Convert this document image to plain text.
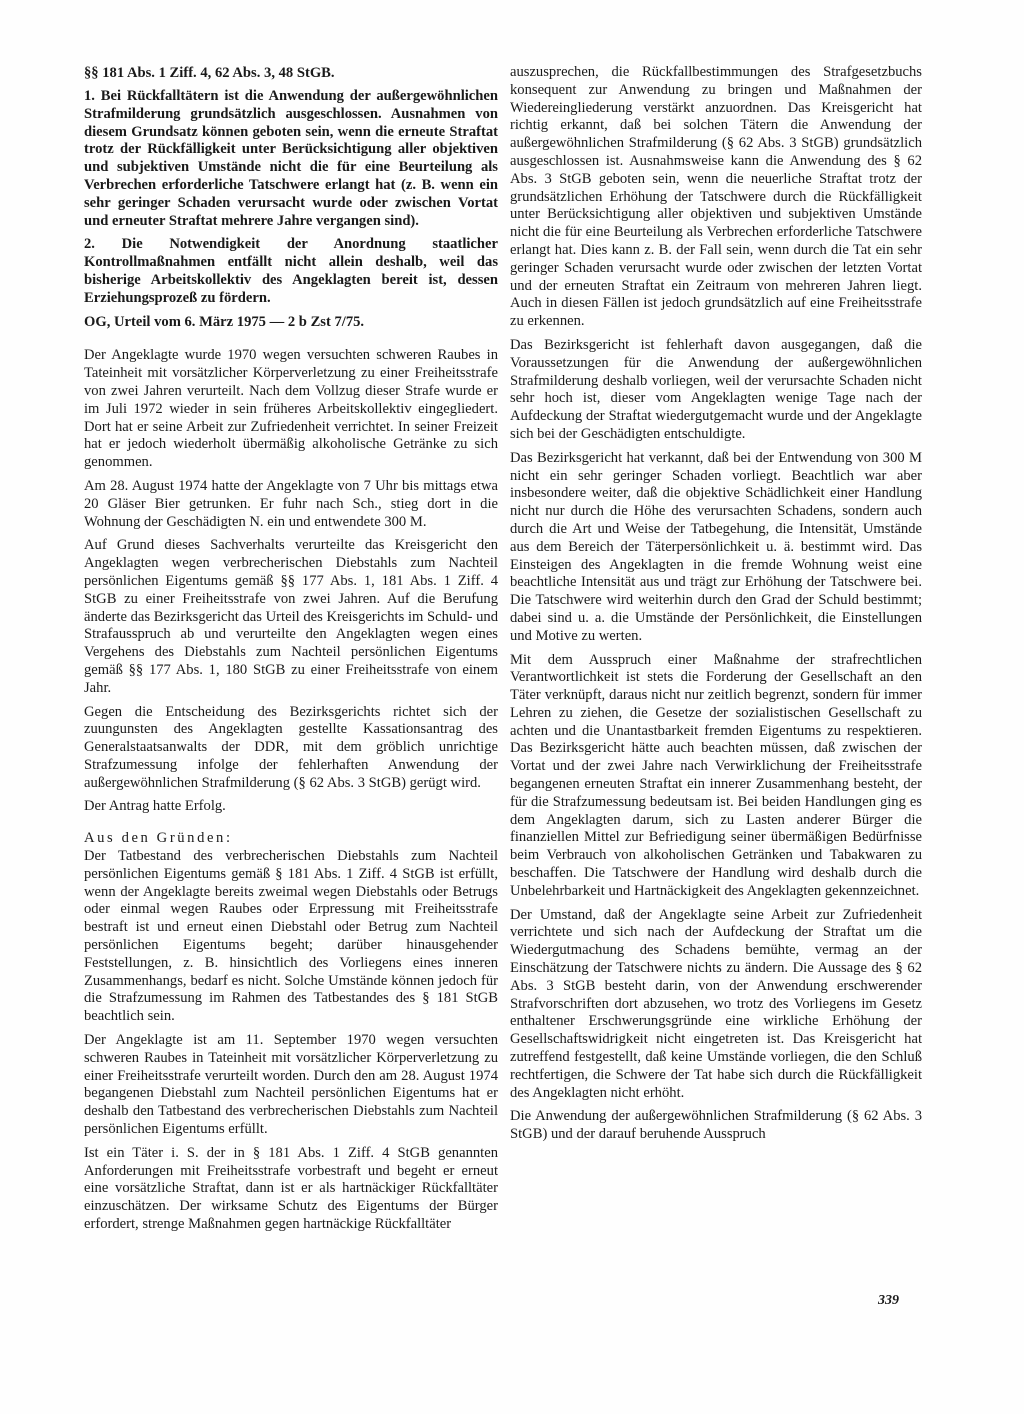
§§ 181 Abs. 1 Ziff. 4, 62 Abs. 3, 48 StGB.

1. Bei Rückfalltätern ist die Anwendung der außergewöhnlichen Strafmilderung grundsätzlich ausgeschlossen. Ausnahmen von diesem Grundsatz können geboten sein, wenn die erneute Straftat trotz der Rückfälligkeit unter Berücksichtigung aller objektiven und subjektiven Umstände nicht die für eine Beurteilung als Verbrechen erforderliche Tatschwere erlangt hat (z. B. wenn ein sehr geringer Schaden verursacht wurde oder zwischen Vortat und erneuter Straftat mehrere Jahre vergangen sind).

2. Die Notwendigkeit der Anordnung staatlicher Kontrollmaßnahmen entfällt nicht allein deshalb, weil das bisherige Arbeitskollektiv des Angeklagten bereit ist, dessen Erziehungsprozeß zu fördern.

OG, Urteil vom 6. März 1975 — 2 b Zst 7/75.

Der Angeklagte wurde 1970 wegen versuchten schweren Raubes in Tateinheit mit vorsätzlicher Körperverletzung zu einer Freiheitsstrafe von zwei Jahren verurteilt. Nach dem Vollzug dieser Strafe wurde er im Juli 1972 wieder in sein früheres Arbeitskollektiv eingegliedert. Dort hat er seine Arbeit zur Zufriedenheit verrichtet. In seiner Freizeit hat er jedoch wiederholt übermäßig alkoholische Getränke zu sich genommen.

Am 28. August 1974 hatte der Angeklagte von 7 Uhr bis mittags etwa 20 Gläser Bier getrunken. Er fuhr nach Sch., stieg dort in die Wohnung der Geschädigten N. ein und entwendete 300 M.

Auf Grund dieses Sachverhalts verurteilte das Kreisgericht den Angeklagten wegen verbrecherischen Diebstahls zum Nachteil persönlichen Eigentums gemäß §§ 177 Abs. 1, 181 Abs. 1 Ziff. 4 StGB zu einer Freiheitsstrafe von zwei Jahren. Auf die Berufung änderte das Bezirksgericht das Urteil des Kreisgerichts im Schuld- und Strafausspruch ab und verurteilte den Angeklagten wegen eines Vergehens des Diebstahls zum Nachteil persönlichen Eigentums gemäß §§ 177 Abs. 1, 180 StGB zu einer Freiheitsstrafe von einem Jahr.

Gegen die Entscheidung des Bezirksgerichts richtet sich der zuungunsten des Angeklagten gestellte Kassationsantrag des Generalstaatsanwalts der DDR, mit dem gröblich unrichtige Strafzumessung infolge der fehlerhaften Anwendung der außergewöhnlichen Strafmilderung (§ 62 Abs. 3 StGB) gerügt wird.

Der Antrag hatte Erfolg.

Aus den Gründen:

Der Tatbestand des verbrecherischen Diebstahls zum Nachteil persönlichen Eigentums gemäß § 181 Abs. 1 Ziff. 4 StGB ist erfüllt, wenn der Angeklagte bereits zweimal wegen Diebstahls oder Betrugs oder einmal wegen Raubes oder Erpressung mit Freiheitsstrafe bestraft ist und erneut einen Diebstahl oder Betrug zum Nachteil persönlichen Eigentums begeht; darüber hinausgehender Feststellungen, z. B. hinsichtlich des Vorliegens eines inneren Zusammenhangs, bedarf es nicht. Solche Umstände können jedoch für die Strafzumessung im Rahmen des Tatbestandes des § 181 StGB beachtlich sein.

Der Angeklagte ist am 11. September 1970 wegen versuchten schweren Raubes in Tateinheit mit vorsätzlicher Körperverletzung zu einer Freiheitsstrafe verurteilt worden. Durch den am 28. August 1974 begangenen Diebstahl zum Nachteil persönlichen Eigentums hat er deshalb den Tatbestand des verbrecherischen Diebstahls zum Nachteil persönlichen Eigentums erfüllt.

Ist ein Täter i. S. der in § 181 Abs. 1 Ziff. 4 StGB genannten Anforderungen mit Freiheitsstrafe vorbestraft und begeht er erneut eine vorsätzliche Straftat, dann ist er als hartnäckiger Rückfalltäter einzuschätzen. Der wirksame Schutz des Eigentums der Bürger erfordert, strenge Maßnahmen gegen hartnäckige Rückfalltäter

auszusprechen, die Rückfallbestimmungen des Strafgesetzbuchs konsequent zur Anwendung zu bringen und Maßnahmen der Wiedereingliederung verstärkt anzuordnen. Das Kreisgericht hat richtig erkannt, daß bei solchen Tätern die Anwendung der außergewöhnlichen Strafmilderung (§ 62 Abs. 3 StGB) grundsätzlich ausgeschlossen ist. Ausnahmsweise kann die Anwendung des § 62 Abs. 3 StGB geboten sein, wenn die neuerliche Straftat trotz der grundsätzlichen Erhöhung der Tatschwere durch die Rückfälligkeit unter Berücksichtigung aller objektiven und subjektiven Umstände nicht die für eine Beurteilung als Verbrechen erforderliche Tatschwere erlangt hat. Dies kann z. B. der Fall sein, wenn durch die Tat ein sehr geringer Schaden verursacht wurde oder zwischen der letzten Vortat und der erneuten Straftat ein Zeitraum von mehreren Jahren liegt. Auch in diesen Fällen ist jedoch grundsätzlich auf eine Freiheitsstrafe zu erkennen.

Das Bezirksgericht ist fehlerhaft davon ausgegangen, daß die Voraussetzungen für die Anwendung der außergewöhnlichen Strafmilderung deshalb vorliegen, weil der verursachte Schaden nicht sehr hoch ist, dieser vom Angeklagten wenige Tage nach der Aufdeckung der Straftat wiedergutgemacht wurde und der Angeklagte sich bei der Geschädigten entschuldigte.

Das Bezirksgericht hat verkannt, daß bei der Entwendung von 300 M nicht ein sehr geringer Schaden vorliegt. Beachtlich war aber insbesondere weiter, daß die objektive Schädlichkeit einer Handlung nicht nur durch die Höhe des verursachten Schadens, sondern auch durch die Art und Weise der Tatbegehung, die Intensität, Umstände aus dem Bereich der Täterpersönlichkeit u. ä. bestimmt wird. Das Einsteigen des Angeklagten in die fremde Wohnung weist eine beachtliche Intensität aus und trägt zur Erhöhung der Tatschwere bei. Die Tatschwere wird weiterhin durch den Grad der Schuld bestimmt; dabei sind u. a. die Umstände der Persönlichkeit, die Einstellungen und Motive zu werten.

Mit dem Ausspruch einer Maßnahme der strafrechtlichen Verantwortlichkeit ist stets die Forderung der Gesellschaft an den Täter verknüpft, daraus nicht nur zeitlich begrenzt, sondern für immer Lehren zu ziehen, die Gesetze der sozialistischen Gesellschaft zu achten und die Unantastbarkeit fremden Eigentums zu respektieren. Das Bezirksgericht hätte auch beachten müssen, daß zwischen der Vortat und der zwei Jahre nach Verwirklichung der Freiheitsstrafe begangenen erneuten Straftat ein innerer Zusammenhang besteht, der für die Strafzumessung bedeutsam ist. Bei beiden Handlungen ging es dem Angeklagten darum, sich zu Lasten anderer Bürger die finanziellen Mittel zur Befriedigung seiner übermäßigen Bedürfnisse beim Verbrauch von alkoholischen Getränken und Tabakwaren zu beschaffen. Die Tatschwere der Handlung wird deshalb durch die Unbelehrbarkeit und Hartnäckigkeit des Angeklagten gekennzeichnet.

Der Umstand, daß der Angeklagte seine Arbeit zur Zufriedenheit verrichtete und sich nach der Aufdeckung der Straftat um die Wiedergutmachung des Schadens bemühte, vermag an der Einschätzung der Tatschwere nichts zu ändern. Die Aussage des § 62 Abs. 3 StGB besteht darin, von der Anwendung erschwerender Strafvorschriften dort abzusehen, wo trotz des Vorliegens im Gesetz enthaltener Erschwerungsgründe eine wirkliche Erhöhung der Gesellschaftswidrigkeit nicht eingetreten ist. Das Kreisgericht hat zutreffend festgestellt, daß keine Umstände vorliegen, die den Schluß rechtfertigen, die Schwere der Tat habe sich durch die Rückfälligkeit des Angeklagten nicht erhöht.

Die Anwendung der außergewöhnlichen Strafmilderung (§ 62 Abs. 3 StGB) und der darauf beruhende Ausspruch

339
